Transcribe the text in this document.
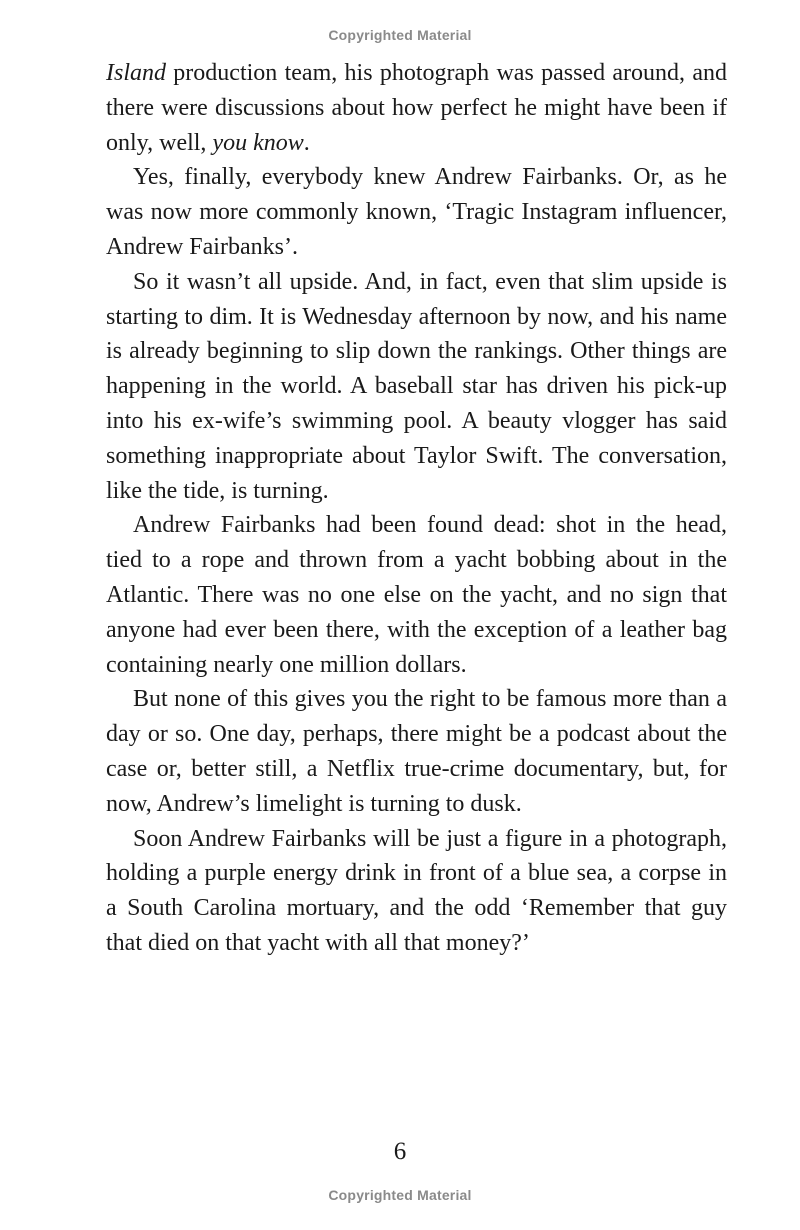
Copyrighted Material

Island production team, his photograph was passed around, and there were discussions about how perfect he might have been if only, well, you know.

Yes, finally, everybody knew Andrew Fairbanks. Or, as he was now more commonly known, ‘Tragic Instagram influencer, Andrew Fairbanks’.

So it wasn’t all upside. And, in fact, even that slim upside is starting to dim. It is Wednesday afternoon by now, and his name is already beginning to slip down the rankings. Other things are happening in the world. A baseball star has driven his pick-up into his ex-wife’s swimming pool. A beauty vlogger has said something inappropriate about Taylor Swift. The conversation, like the tide, is turning.

Andrew Fairbanks had been found dead: shot in the head, tied to a rope and thrown from a yacht bobbing about in the Atlantic. There was no one else on the yacht, and no sign that anyone had ever been there, with the exception of a leather bag containing nearly one million dollars.

But none of this gives you the right to be famous more than a day or so. One day, perhaps, there might be a podcast about the case or, better still, a Netflix true-crime documentary, but, for now, Andrew’s limelight is turning to dusk.

Soon Andrew Fairbanks will be just a figure in a photograph, holding a purple energy drink in front of a blue sea, a corpse in a South Carolina mortuary, and the odd ‘Remember that guy that died on that yacht with all that money?’

6
Copyrighted Material
